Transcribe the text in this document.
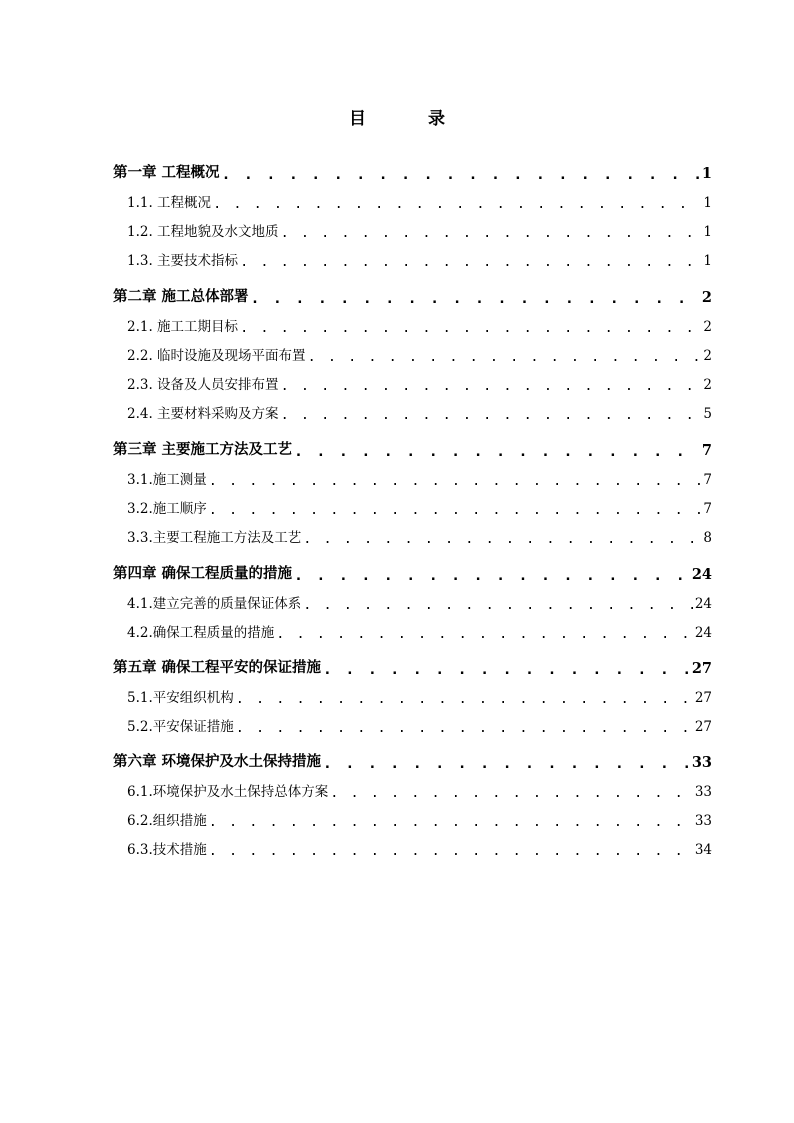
目 录
第一章 工程概况 . . .	1
1.1. 工程概况 . . .	1
1.2. 工程地貌及水文地质 . . .	1
1.3. 主要技术指标 . . .	1
第二章 施工总体部署 . . .	2
2.1. 施工工期目标 . . .	2
2.2. 临时设施及现场平面布置 . . .	2
2.3. 设备及人员安排布置 . . .	2
2.4. 主要材料采购及方案 . . .	5
第三章 主要施工方法及工艺 . . .	7
3.1.施工测量 . . .	7
3.2.施工顺序 . . .	7
3.3.主要工程施工方法及工艺 . . .	8
第四章 确保工程质量的措施 . . .	24
4.1.建立完善的质量保证体系 . . .	24
4.2.确保工程质量的措施 . . .	24
第五章 确保工程平安的保证措施 . . .	27
5.1.平安组织机构 . . .	27
5.2.平安保证措施 . . .	27
第六章 环境保护及水土保持措施 . . .	33
6.1.环境保护及水土保持总体方案 . . .	33
6.2.组织措施 . . .	33
6.3.技术措施 . . .	34
